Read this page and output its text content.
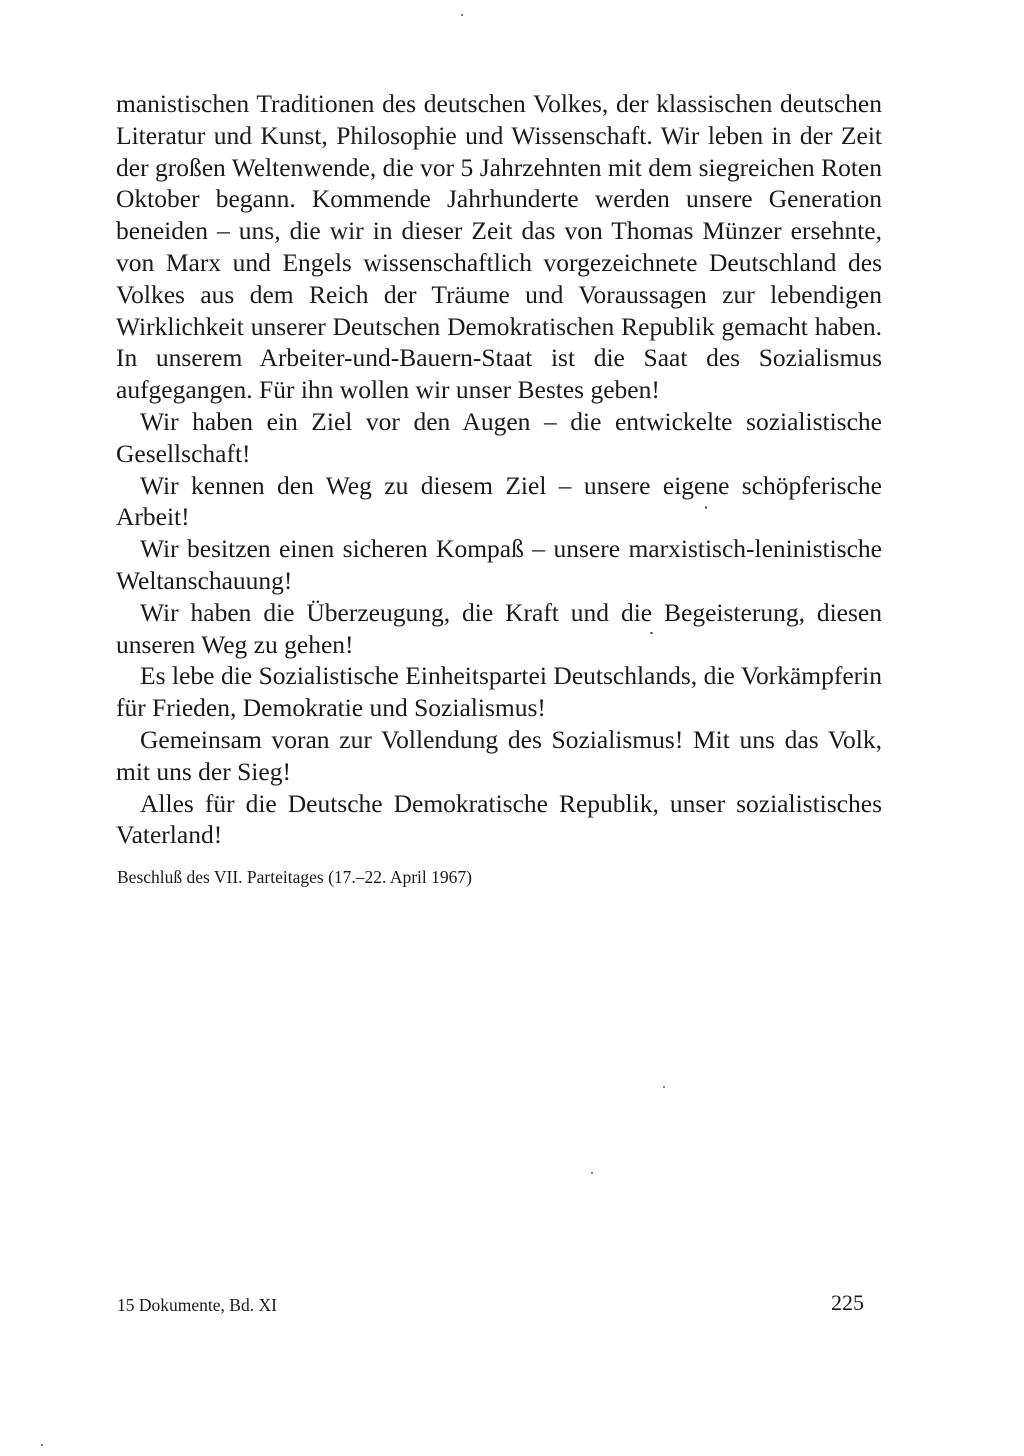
manistischen Traditionen des deutschen Volkes, der klassischen deutschen Literatur und Kunst, Philosophie und Wissenschaft. Wir leben in der Zeit der großen Weltenwende, die vor 5 Jahrzehnten mit dem siegreichen Roten Oktober begann. Kommende Jahrhunderte werden unsere Generation beneiden – uns, die wir in dieser Zeit das von Thomas Münzer ersehnte, von Marx und Engels wissenschaftlich vorgezeichnete Deutschland des Volkes aus dem Reich der Träume und Voraussagen zur lebendigen Wirklichkeit unserer Deutschen Demokratischen Republik gemacht haben. In unserem Arbeiter-und-Bauern-Staat ist die Saat des Sozialismus aufgegangen. Für ihn wollen wir unser Bestes geben!

Wir haben ein Ziel vor den Augen – die entwickelte sozialistische Gesellschaft!

Wir kennen den Weg zu diesem Ziel – unsere eigene schöpferische Arbeit!

Wir besitzen einen sicheren Kompaß – unsere marxistisch-leninistische Weltanschauung!

Wir haben die Überzeugung, die Kraft und die Begeisterung, diesen unseren Weg zu gehen!

Es lebe die Sozialistische Einheitspartei Deutschlands, die Vorkämpferin für Frieden, Demokratie und Sozialismus!

Gemeinsam voran zur Vollendung des Sozialismus! Mit uns das Volk, mit uns der Sieg!

Alles für die Deutsche Demokratische Republik, unser sozialistisches Vaterland!

Beschluß des VII. Parteitages (17.–22. April 1967)
15 Dokumente, Bd. XI	225
